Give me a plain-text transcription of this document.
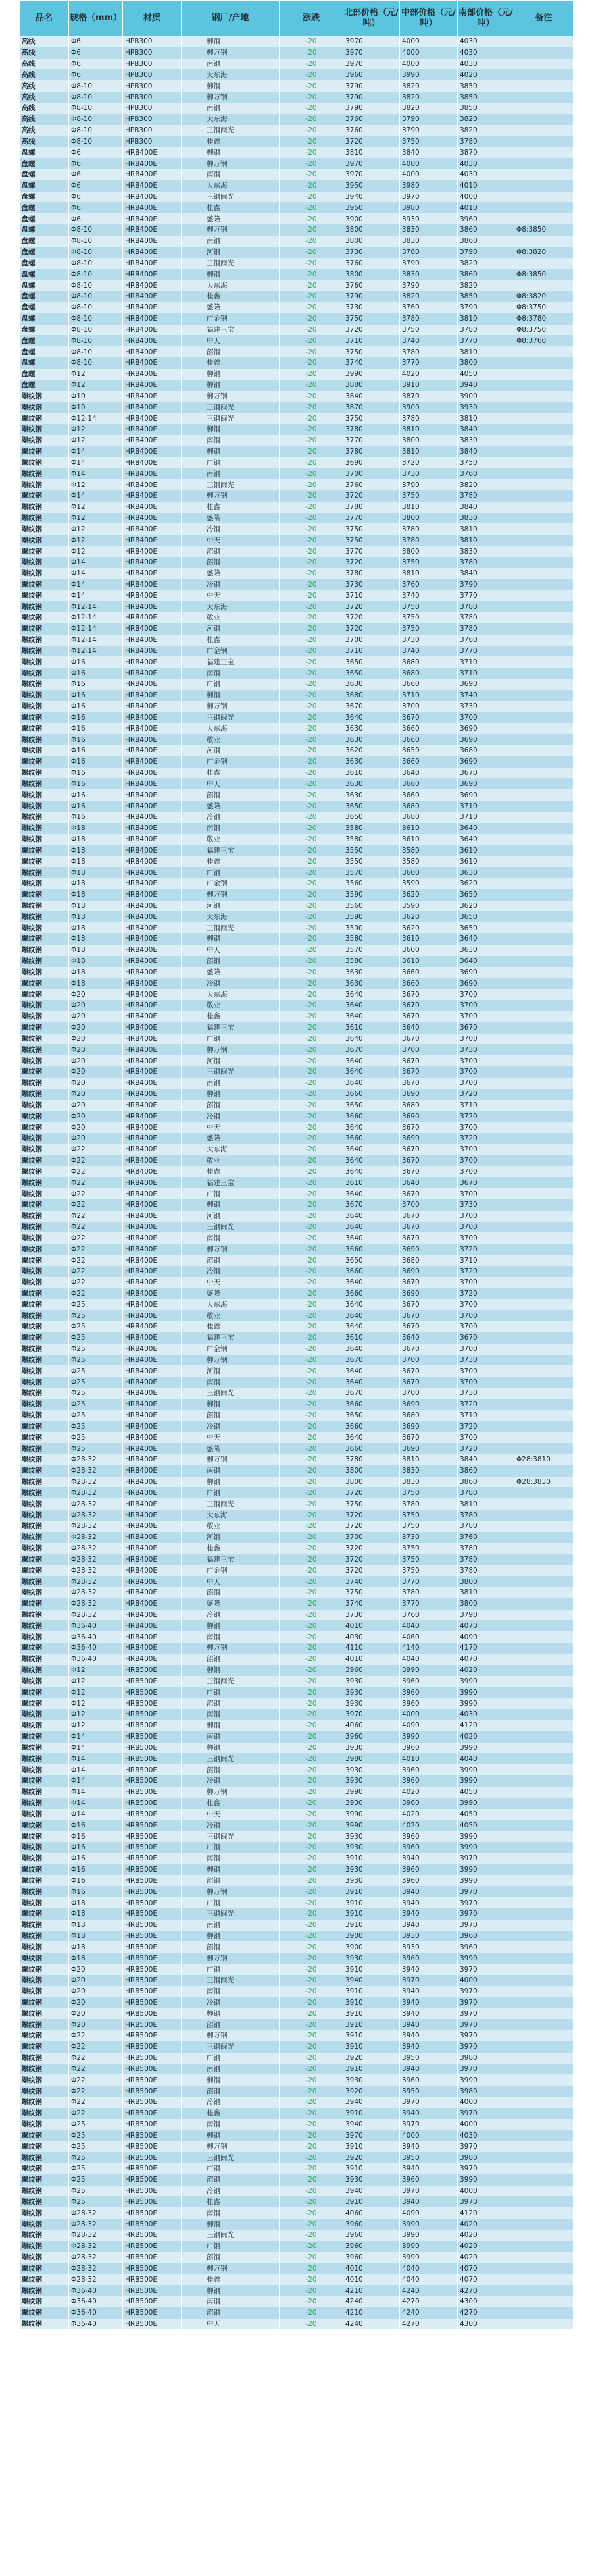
品名	规格（mm）	材质	钢厂/产地	涨跌	北部价格（元/吨）	中部价格（元/吨）	南部价格（元/吨）	备注
高线	Φ6	HPB300	柳钢	-20	3970	4000	4030	
高线	Φ6	HPB300	柳万钢	-20	3970	4000	4030	
高线	Φ6	HPB300	南钢	-20	3970	4000	4030	
高线	Φ6	HPB300	大东海	-20	3960	3990	4020	
高线	Φ8-10	HPB300	柳钢	-20	3790	3820	3850	
高线	Φ8-10	HPB300	柳万钢	-20	3790	3820	3850	
高线	Φ8-10	HPB300	南钢	-20	3790	3820	3850	
高线	Φ8-10	HPB300	大东海	-20	3760	3790	3820	
高线	Φ8-10	HPB300	三钢闽光	-20	3760	3790	3820	
高线	Φ8-10	HPB300	桂鑫	-20	3720	3750	3780	
盘螺	Φ6	HRB400E	柳钢	-20	3810	3840	3870	
盘螺	Φ6	HRB400E	柳万钢	-20	3970	4000	4030	
盘螺	Φ6	HRB400E	南钢	-20	3970	4000	4030	
盘螺	Φ6	HRB400E	大东海	-20	3950	3980	4010	
盘螺	Φ6	HRB400E	三钢闽光	-20	3940	3970	4000	
盘螺	Φ6	HRB400E	桂鑫	-20	3950	3980	4010	
盘螺	Φ6	HRB400E	盛隆	-20	3900	3930	3960	
盘螺	Φ8-10	HRB400E	柳万钢	-20	3800	3830	3860	Φ8:3850
盘螺	Φ8-10	HRB400E	南钢	-20	3800	3830	3860	
盘螺	Φ8-10	HRB400E	河钢	-20	3730	3760	3790	Φ8:3820
盘螺	Φ8-10	HRB400E	三钢闽光	-20	3760	3790	3820	
盘螺	Φ8-10	HRB400E	柳钢	-20	3800	3830	3860	Φ8:3850
盘螺	Φ8-10	HRB400E	大东海	-20	3760	3790	3820	
盘螺	Φ8-10	HRB400E	桂鑫	-20	3790	3820	3850	Φ8:3820
盘螺	Φ8-10	HRB400E	盛隆	-20	3730	3760	3790	Φ8:3750
盘螺	Φ8-10	HRB400E	广金钢	-20	3750	3780	3810	Φ8:3780
盘螺	Φ8-10	HRB400E	福建三宝	-20	3720	3750	3780	Φ8:3750
盘螺	Φ8-10	HRB400E	中天	-20	3710	3740	3770	Φ8:3760
盘螺	Φ8-10	HRB400E	韶钢	-20	3750	3780	3810	
盘螺	Φ8-10	HRB400E	桂鑫	-20	3740	3770	3800	
盘螺	Φ12	HRB400E	柳钢	-20	3990	4020	4050	
盘螺	Φ12	HRB400E	柳钢	-20	3880	3910	3940	
螺纹钢	Φ10	HRB400E	柳万钢	-20	3840	3870	3900	
螺纹钢	Φ10	HRB400E	三钢闽光	-20	3870	3900	3930	
螺纹钢	Φ12-14	HRB400E	三钢闽光	-20	3750	3780	3810	
螺纹钢	Φ12	HRB400E	柳钢	-20	3780	3810	3840	
螺纹钢	Φ12	HRB400E	南钢	-20	3770	3800	3830	
螺纹钢	Φ14	HRB400E	柳钢	-20	3780	3810	3840	
螺纹钢	Φ14	HRB400E	广钢	-20	3690	3720	3750	
螺纹钢	Φ14	HRB400E	南钢	-20	3700	3730	3760	
螺纹钢	Φ12	HRB400E	三钢闽光	-20	3760	3790	3820	
螺纹钢	Φ14	HRB400E	柳万钢	-20	3720	3750	3780	
螺纹钢	Φ12	HRB400E	桂鑫	-20	3780	3810	3840	
螺纹钢	Φ12	HRB400E	盛隆	-20	3770	3800	3830	
螺纹钢	Φ12	HRB400E	冷钢	-20	3750	3780	3810	
螺纹钢	Φ12	HRB400E	中天	-20	3750	3780	3810	
螺纹钢	Φ12	HRB400E	韶钢	-20	3770	3800	3830	
螺纹钢	Φ14	HRB400E	韶钢	-20	3720	3750	3780	
螺纹钢	Φ14	HRB400E	盛隆	-20	3780	3810	3840	
螺纹钢	Φ14	HRB400E	冷钢	-20	3730	3760	3790	
螺纹钢	Φ14	HRB400E	中天	-20	3710	3740	3770	
螺纹钢	Φ12-14	HRB400E	大东海	-20	3720	3750	3780	
螺纹钢	Φ12-14	HRB400E	敬业	-20	3720	3750	3780	
螺纹钢	Φ12-14	HRB400E	河钢	-20	3720	3750	3780	
螺纹钢	Φ12-14	HRB400E	桂鑫	-20	3700	3730	3760	
螺纹钢	Φ12-14	HRB400E	广金钢	-20	3710	3740	3770	
螺纹钢	Φ16	HRB400E	福建三宝	-20	3650	3680	3710	
螺纹钢	Φ16	HRB400E	南钢	-20	3650	3680	3710	
螺纹钢	Φ16	HRB400E	广钢	-20	3630	3660	3690	
螺纹钢	Φ16	HRB400E	柳钢	-20	3680	3710	3740	
螺纹钢	Φ16	HRB400E	柳万钢	-20	3670	3700	3730	
螺纹钢	Φ16	HRB400E	三钢闽光	-20	3640	3670	3700	
螺纹钢	Φ16	HRB400E	大东海	-20	3630	3660	3690	
螺纹钢	Φ16	HRB400E	敬业	-20	3630	3660	3690	
螺纹钢	Φ16	HRB400E	河钢	-20	3620	3650	3680	
螺纹钢	Φ16	HRB400E	广金钢	-20	3630	3660	3690	
螺纹钢	Φ16	HRB400E	桂鑫	-20	3610	3640	3670	
螺纹钢	Φ16	HRB400E	中天	-20	3630	3660	3690	
螺纹钢	Φ16	HRB400E	韶钢	-20	3630	3660	3690	
螺纹钢	Φ16	HRB400E	盛隆	-20	3650	3680	3710	
螺纹钢	Φ16	HRB400E	冷钢	-20	3650	3680	3710	
螺纹钢	Φ18	HRB400E	南钢	-20	3580	3610	3640	
螺纹钢	Φ18	HRB400E	敬业	-20	3580	3610	3640	
螺纹钢	Φ18	HRB400E	福建三宝	-20	3550	3580	3610	
螺纹钢	Φ18	HRB400E	桂鑫	-20	3550	3580	3610	
螺纹钢	Φ18	HRB400E	广钢	-20	3570	3600	3630	
螺纹钢	Φ18	HRB400E	广金钢	-20	3560	3590	3620	
螺纹钢	Φ18	HRB400E	柳万钢	-20	3590	3620	3650	
螺纹钢	Φ18	HRB400E	河钢	-20	3560	3590	3620	
螺纹钢	Φ18	HRB400E	大东海	-20	3590	3620	3650	
螺纹钢	Φ18	HRB400E	三钢闽光	-20	3590	3620	3650	
螺纹钢	Φ18	HRB400E	柳钢	-20	3580	3610	3640	
螺纹钢	Φ18	HRB400E	中天	-20	3570	3600	3630	
螺纹钢	Φ18	HRB400E	韶钢	-20	3580	3610	3640	
螺纹钢	Φ18	HRB400E	盛隆	-20	3630	3660	3690	
螺纹钢	Φ18	HRB400E	冷钢	-20	3630	3660	3690	
螺纹钢	Φ20	HRB400E	大东海	-20	3640	3670	3700	
螺纹钢	Φ20	HRB400E	敬业	-20	3640	3670	3700	
螺纹钢	Φ20	HRB400E	桂鑫	-20	3640	3670	3700	
螺纹钢	Φ20	HRB400E	福建三宝	-20	3610	3640	3670	
螺纹钢	Φ20	HRB400E	广钢	-20	3640	3670	3700	
螺纹钢	Φ20	HRB400E	柳万钢	-20	3670	3700	3730	
螺纹钢	Φ20	HRB400E	河钢	-20	3640	3670	3700	
螺纹钢	Φ20	HRB400E	三钢闽光	-20	3640	3670	3700	
螺纹钢	Φ20	HRB400E	南钢	-20	3640	3670	3700	
螺纹钢	Φ20	HRB400E	柳钢	-20	3660	3690	3720	
螺纹钢	Φ20	HRB400E	韶钢	-20	3650	3680	3710	
螺纹钢	Φ20	HRB400E	冷钢	-20	3660	3690	3720	
螺纹钢	Φ20	HRB400E	中天	-20	3640	3670	3700	
螺纹钢	Φ20	HRB400E	盛隆	-20	3660	3690	3720	
螺纹钢	Φ22	HRB400E	大东海	-20	3640	3670	3700	
螺纹钢	Φ22	HRB400E	敬业	-20	3640	3670	3700	
螺纹钢	Φ22	HRB400E	桂鑫	-20	3640	3670	3700	
螺纹钢	Φ22	HRB400E	福建三宝	-20	3610	3640	3670	
螺纹钢	Φ22	HRB400E	广钢	-20	3640	3670	3700	
螺纹钢	Φ22	HRB400E	柳钢	-20	3670	3700	3730	
螺纹钢	Φ22	HRB400E	河钢	-20	3640	3670	3700	
螺纹钢	Φ22	HRB400E	三钢闽光	-20	3640	3670	3700	
螺纹钢	Φ22	HRB400E	南钢	-20	3640	3670	3700	
螺纹钢	Φ22	HRB400E	柳万钢	-20	3660	3690	3720	
螺纹钢	Φ22	HRB400E	韶钢	-20	3650	3680	3710	
螺纹钢	Φ22	HRB400E	冷钢	-20	3660	3690	3720	
螺纹钢	Φ22	HRB400E	中天	-20	3640	3670	3700	
螺纹钢	Φ22	HRB400E	盛隆	-20	3660	3690	3720	
螺纹钢	Φ25	HRB400E	大东海	-20	3640	3670	3700	
螺纹钢	Φ25	HRB400E	敬业	-20	3640	3670	3700	
螺纹钢	Φ25	HRB400E	桂鑫	-20	3640	3670	3700	
螺纹钢	Φ25	HRB400E	福建三宝	-20	3610	3640	3670	
螺纹钢	Φ25	HRB400E	广金钢	-20	3640	3670	3700	
螺纹钢	Φ25	HRB400E	柳万钢	-20	3670	3700	3730	
螺纹钢	Φ25	HRB400E	河钢	-20	3640	3670	3700	
螺纹钢	Φ25	HRB400E	南钢	-20	3640	3670	3700	
螺纹钢	Φ25	HRB400E	三钢闽光	-20	3670	3700	3730	
螺纹钢	Φ25	HRB400E	柳钢	-20	3660	3690	3720	
螺纹钢	Φ25	HRB400E	韶钢	-20	3650	3680	3710	
螺纹钢	Φ25	HRB400E	冷钢	-20	3660	3690	3720	
螺纹钢	Φ25	HRB400E	中天	-20	3640	3670	3700	
螺纹钢	Φ25	HRB400E	盛隆	-20	3660	3690	3720	
螺纹钢	Φ28-32	HRB400E	柳万钢	-20	3780	3810	3840	Φ28:3810
螺纹钢	Φ28-32	HRB400E	南钢	-20	3800	3830	3860	
螺纹钢	Φ28-32	HRB400E	柳钢	-20	3800	3830	3860	Φ28:3830
螺纹钢	Φ28-32	HRB400E	广钢	-20	3720	3750	3780	
螺纹钢	Φ28-32	HRB400E	三钢闽光	-20	3750	3780	3810	
螺纹钢	Φ28-32	HRB400E	大东海	-20	3720	3750	3780	
螺纹钢	Φ28-32	HRB400E	敬业	-20	3720	3750	3780	
螺纹钢	Φ28-32	HRB400E	河钢	-20	3700	3730	3760	
螺纹钢	Φ28-32	HRB400E	桂鑫	-20	3720	3750	3780	
螺纹钢	Φ28-32	HRB400E	福建三宝	-20	3720	3750	3780	
螺纹钢	Φ28-32	HRB400E	广金钢	-20	3720	3750	3780	
螺纹钢	Φ28-32	HRB400E	中天	-20	3740	3770	3800	
螺纹钢	Φ28-32	HRB400E	韶钢	-20	3750	3780	3810	
螺纹钢	Φ28-32	HRB400E	盛隆	-20	3740	3770	3800	
螺纹钢	Φ28-32	HRB400E	冷钢	-20	3730	3760	3790	
螺纹钢	Φ36-40	HRB400E	柳钢	-20	4010	4040	4070	
螺纹钢	Φ36-40	HRB400E	南钢	-20	4030	4060	4090	
螺纹钢	Φ36-40	HRB400E	柳万钢	-20	4110	4140	4170	
螺纹钢	Φ36-40	HRB400E	韶钢	-20	4010	4040	4070	
螺纹钢	Φ12	HRB500E	柳钢	-20	3960	3990	4020	
螺纹钢	Φ12	HRB500E	三钢闽光	-20	3930	3960	3990	
螺纹钢	Φ12	HRB500E	广钢	-20	3930	3960	3990	
螺纹钢	Φ12	HRB500E	韶钢	-20	3930	3960	3990	
螺纹钢	Φ12	HRB500E	南钢	-20	3970	4000	4030	
螺纹钢	Φ12	HRB500E	柳钢	-20	4060	4090	4120	
螺纹钢	Φ14	HRB500E	南钢	-20	3960	3990	4020	
螺纹钢	Φ14	HRB500E	柳钢	-20	3930	3960	3990	
螺纹钢	Φ14	HRB500E	三钢闽光	-20	3980	4010	4040	
螺纹钢	Φ14	HRB500E	韶钢	-20	3930	3960	3990	
螺纹钢	Φ14	HRB500E	冷钢	-20	3930	3960	3990	
螺纹钢	Φ14	HRB500E	柳万钢	-20	3990	4020	4050	
螺纹钢	Φ14	HRB500E	桂鑫	-20	3930	3960	3990	
螺纹钢	Φ14	HRB500E	中天	-20	3990	4020	4050	
螺纹钢	Φ16	HRB500E	冷钢	-20	3990	4020	4050	
螺纹钢	Φ16	HRB500E	三钢闽光	-20	3930	3960	3990	
螺纹钢	Φ16	HRB500E	广钢	-20	3930	3960	3990	
螺纹钢	Φ16	HRB500E	南钢	-20	3910	3940	3970	
螺纹钢	Φ16	HRB500E	柳钢	-20	3930	3960	3990	
螺纹钢	Φ16	HRB500E	韶钢	-20	3930	3960	3990	
螺纹钢	Φ16	HRB500E	柳万钢	-20	3910	3940	3970	
螺纹钢	Φ18	HRB500E	广钢	-20	3910	3940	3970	
螺纹钢	Φ18	HRB500E	三钢闽光	-20	3910	3940	3970	
螺纹钢	Φ18	HRB500E	南钢	-20	3910	3940	3970	
螺纹钢	Φ18	HRB500E	柳钢	-20	3900	3930	3960	
螺纹钢	Φ18	HRB500E	韶钢	-20	3900	3930	3960	
螺纹钢	Φ18	HRB500E	柳万钢	-20	3930	3960	3990	
螺纹钢	Φ20	HRB500E	广钢	-20	3910	3940	3970	
螺纹钢	Φ20	HRB500E	三钢闽光	-20	3940	3970	4000	
螺纹钢	Φ20	HRB500E	南钢	-20	3910	3940	3970	
螺纹钢	Φ20	HRB500E	冷钢	-20	3910	3940	3970	
螺纹钢	Φ20	HRB500E	柳钢	-20	3910	3940	3970	
螺纹钢	Φ20	HRB500E	韶钢	-20	3910	3940	3970	
螺纹钢	Φ22	HRB500E	柳万钢	-20	3910	3940	3970	
螺纹钢	Φ22	HRB500E	三钢闽光	-20	3910	3940	3970	
螺纹钢	Φ22	HRB500E	广钢	-20	3920	3950	3980	
螺纹钢	Φ22	HRB500E	南钢	-20	3910	3940	3970	
螺纹钢	Φ22	HRB500E	柳钢	-20	3930	3960	3990	
螺纹钢	Φ22	HRB500E	韶钢	-20	3920	3950	3980	
螺纹钢	Φ22	HRB500E	冷钢	-20	3940	3970	4000	
螺纹钢	Φ22	HRB500E	桂鑫	-20	3910	3940	3970	
螺纹钢	Φ25	HRB500E	南钢	-20	3940	3970	4000	
螺纹钢	Φ25	HRB500E	柳钢	-20	3970	4000	4030	
螺纹钢	Φ25	HRB500E	柳万钢	-20	3910	3940	3970	
螺纹钢	Φ25	HRB500E	三钢闽光	-20	3920	3950	3980	
螺纹钢	Φ25	HRB500E	广钢	-20	3910	3940	3970	
螺纹钢	Φ25	HRB500E	韶钢	-20	3930	3960	3990	
螺纹钢	Φ25	HRB500E	冷钢	-20	3940	3970	4000	
螺纹钢	Φ25	HRB500E	桂鑫	-20	3910	3940	3970	
螺纹钢	Φ28-32	HRB500E	南钢	-20	4060	4090	4120	
螺纹钢	Φ28-32	HRB500E	柳钢	-20	3960	3990	4020	
螺纹钢	Φ28-32	HRB500E	三钢闽光	-20	3960	3990	4020	
螺纹钢	Φ28-32	HRB500E	广钢	-20	3960	3990	4020	
螺纹钢	Φ28-32	HRB500E	韶钢	-20	3960	3990	4020	
螺纹钢	Φ28-32	HRB500E	柳万钢	-20	4010	4040	4070	
螺纹钢	Φ28-32	HRB500E	桂鑫	-20	4010	4040	4070	
螺纹钢	Φ36-40	HRB500E	柳钢	-20	4210	4240	4270	
螺纹钢	Φ36-40	HRB500E	南钢	-20	4240	4270	4300	
螺纹钢	Φ36-40	HRB500E	韶钢	-20	4210	4240	4270	
螺纹钢	Φ36-40	HRB500E	中天	-20	4240	4270	4300	
